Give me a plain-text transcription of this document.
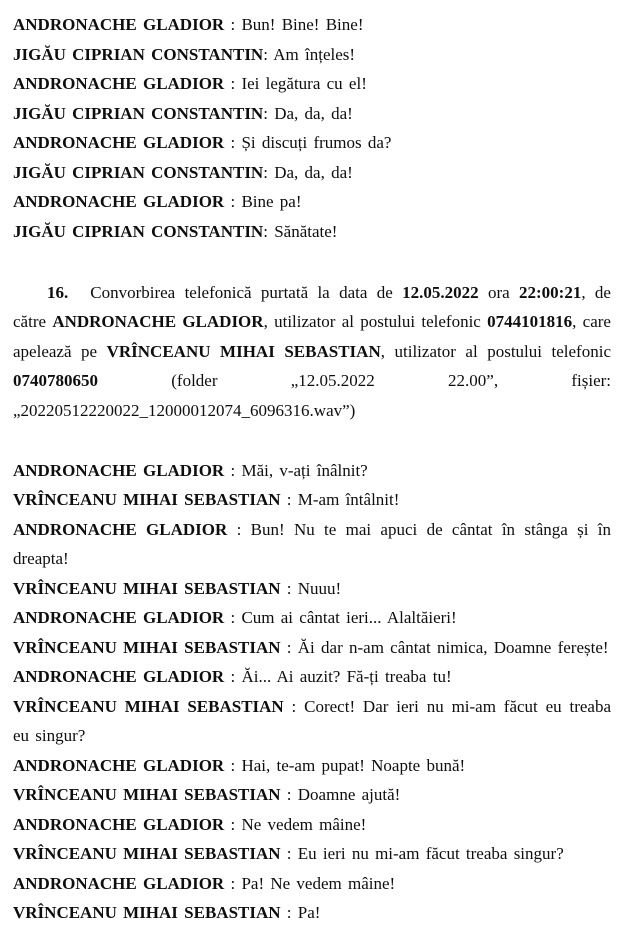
ANDRONACHE GLADIOR : Bun! Bine! Bine!

JIGĂU CIPRIAN CONSTANTIN: Am înțeles!

ANDRONACHE GLADIOR : Iei legătura cu el!

JIGĂU CIPRIAN CONSTANTIN: Da, da, da!

ANDRONACHE GLADIOR : Și discuți frumos da?

JIGĂU CIPRIAN CONSTANTIN: Da, da, da!

ANDRONACHE GLADIOR : Bine pa!

JIGĂU CIPRIAN CONSTANTIN: Sănătate!

16. Convorbirea telefonică purtată la data de 12.05.2022 ora 22:00:21, de către ANDRONACHE GLADIOR, utilizator al postului telefonic 0744101816, care apelează pe VRÎNCEANU MIHAI SEBASTIAN, utilizator al postului telefonic 0740780650 (folder „12.05.2022 22.00”, fișier: „20220512220022_12000012074_6096316.wav”)

ANDRONACHE GLADIOR : Măi, v-ați înâlnit?

VRÎNCEANU MIHAI SEBASTIAN : M-am întâlnit!

ANDRONACHE GLADIOR : Bun! Nu te mai apuci de cântat în stânga și în dreapta!

VRÎNCEANU MIHAI SEBASTIAN : Nuuu!

ANDRONACHE GLADIOR : Cum ai cântat ieri... Alaltăieri!

VRÎNCEANU MIHAI SEBASTIAN : Ăi dar n-am cântat nimica, Doamne ferește!

ANDRONACHE GLADIOR : Ăi... Ai auzit? Fă-ți treaba tu!

VRÎNCEANU MIHAI SEBASTIAN : Corect! Dar ieri nu mi-am făcut eu treaba eu singur?

ANDRONACHE GLADIOR : Hai, te-am pupat! Noapte bună!

VRÎNCEANU MIHAI SEBASTIAN : Doamne ajută!

ANDRONACHE GLADIOR : Ne vedem mâine!

VRÎNCEANU MIHAI SEBASTIAN : Eu ieri nu mi-am făcut treaba singur?

ANDRONACHE GLADIOR : Pa! Ne vedem mâine!

VRÎNCEANU MIHAI SEBASTIAN : Pa!
